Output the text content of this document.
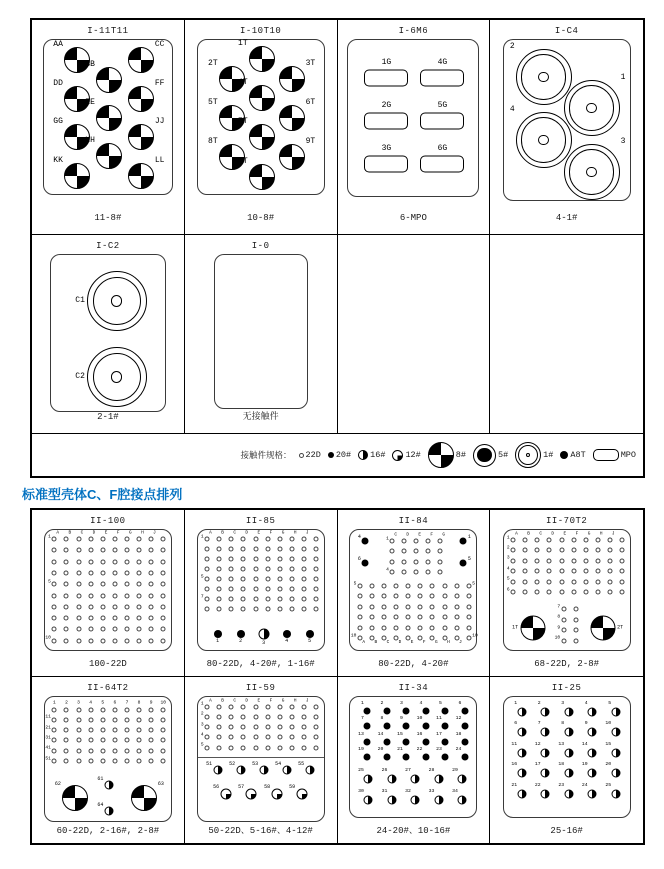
I-11T11
AA	CC
BB
DD	FF
EE
GG	JJ
HH
KK	LL
11-8#
I-10T10
1T
2T	3T
4T
5T	6T
7T
8T	9T
10T
10-8#
I-6M6
1G	4G
2G	5G
3G	6G
6-MPO
I-C4
2
1
4
3
4-1#
I-C2
C1
C2
2-1#
I-0
无接触件
接触件规格： 22D 20# 16# 12#	8#	5#	1# A8T	MPO
标准型壳体C、F腔接点排列
II-100
A B C D E F G H J
1
5
10
100-22D
II-85
A B C D E F G H J
1
5
7
1	2	3	4	5
80-22D, 4-20#, 1-16#
II-84
4	1
6	5
C D E F G
1
4
5
10
5
10
A B C D E F G H J
80-22D, 4-20#
II-70T2
A B C D E F G H J
1
2
3
4
5
6
7
8
9
10
1T	2T
68-22D, 2-8#
II-64T2
1 2 3 4 5 6 7 8 9 10
11
21
31
41
51
62	63
61
64
60-22D, 2-16#, 2-8#
II-59
A B C D E F G H J
1
2
3
4
5
51	52	53	54	55
56	57	58	59
50-22D、5-16#、4-12#
II-34
1	2	3	4	5	6
7	8	9	10	11	12
13	14	15	16	17	18
19	20	21	22	23	24
25	26	27	28	29
30	31	32	33	34
24-20#、10-16#
II-25
1	2	3	4	5
6	7	8	9	10
11	12	13	14	15
16	17	18	19	20
21	22	23	24	25
25-16#
